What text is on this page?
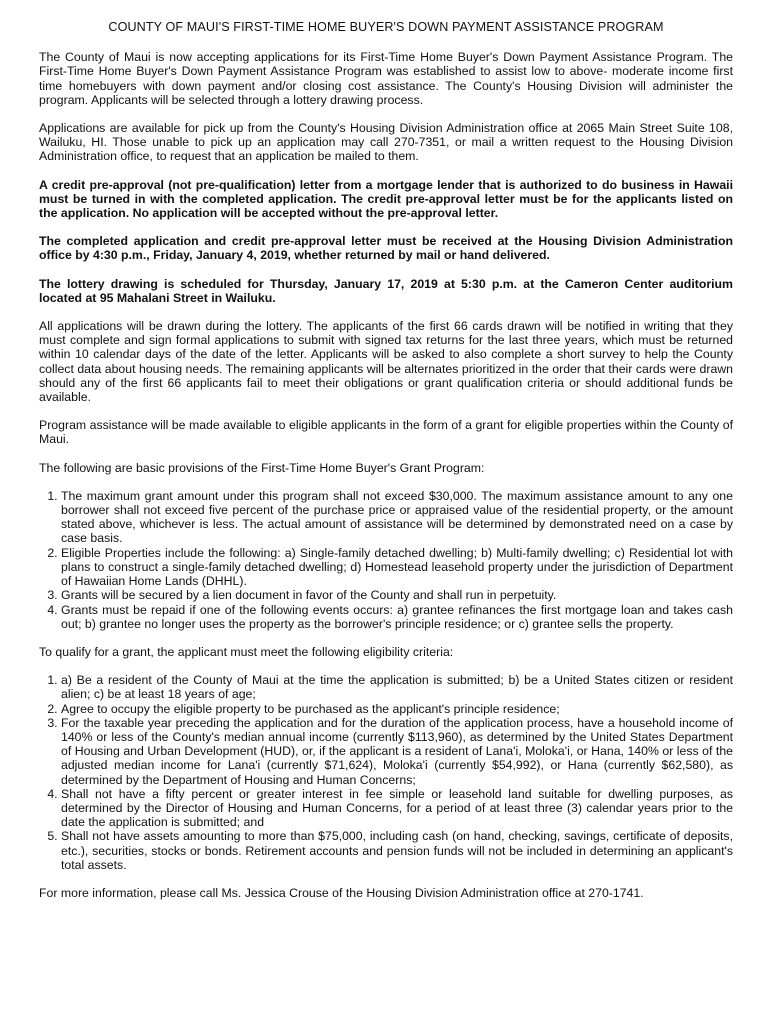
COUNTY OF MAUI'S FIRST-TIME HOME BUYER'S DOWN PAYMENT ASSISTANCE PROGRAM

The County of Maui is now accepting applications for its First-Time Home Buyer's Down Payment Assistance Program. The First-Time Home Buyer's Down Payment Assistance Program was established to assist low to above- moderate income first time homebuyers with down payment and/or closing cost assistance. The County's Housing Division will administer the program. Applicants will be selected through a lottery drawing process.

Applications are available for pick up from the County's Housing Division Administration office at 2065 Main Street Suite 108, Wailuku, HI. Those unable to pick up an application may call 270-7351, or mail a written request to the Housing Division Administration office, to request that an application be mailed to them.

A credit pre-approval (not pre-qualification) letter from a mortgage lender that is authorized to do business in Hawaii must be turned in with the completed application. The credit pre-approval letter must be for the applicants listed on the application. No application will be accepted without the pre-approval letter.

The completed application and credit pre-approval letter must be received at the Housing Division Administration office by 4:30 p.m., Friday, January 4, 2019, whether returned by mail or hand delivered.

The lottery drawing is scheduled for Thursday, January 17, 2019 at 5:30 p.m. at the Cameron Center auditorium located at 95 Mahalani Street in Wailuku.

All applications will be drawn during the lottery. The applicants of the first 66 cards drawn will be notified in writing that they must complete and sign formal applications to submit with signed tax returns for the last three years, which must be returned within 10 calendar days of the date of the letter. Applicants will be asked to also complete a short survey to help the County collect data about housing needs. The remaining applicants will be alternates prioritized in the order that their cards were drawn should any of the first 66 applicants fail to meet their obligations or grant qualification criteria or should additional funds be available.

Program assistance will be made available to eligible applicants in the form of a grant for eligible properties within the County of Maui.

The following are basic provisions of the First-Time Home Buyer's Grant Program:

1. The maximum grant amount under this program shall not exceed $30,000. The maximum assistance amount to any one borrower shall not exceed five percent of the purchase price or appraised value of the residential property, or the amount stated above, whichever is less. The actual amount of assistance will be determined by demonstrated need on a case by case basis.
2. Eligible Properties include the following: a) Single-family detached dwelling; b) Multi-family dwelling; c) Residential lot with plans to construct a single-family detached dwelling; d) Homestead leasehold property under the jurisdiction of Department of Hawaiian Home Lands (DHHL).
3. Grants will be secured by a lien document in favor of the County and shall run in perpetuity.
4. Grants must be repaid if one of the following events occurs: a) grantee refinances the first mortgage loan and takes cash out; b) grantee no longer uses the property as the borrower's principle residence; or c) grantee sells the property.

To qualify for a grant, the applicant must meet the following eligibility criteria:

1. a) Be a resident of the County of Maui at the time the application is submitted; b) be a United States citizen or resident alien; c) be at least 18 years of age;
2. Agree to occupy the eligible property to be purchased as the applicant's principle residence;
3. For the taxable year preceding the application and for the duration of the application process, have a household income of 140% or less of the County's median annual income (currently $113,960), as determined by the United States Department of Housing and Urban Development (HUD), or, if the applicant is a resident of Lana'i, Moloka'i, or Hana, 140% or less of the adjusted median income for Lana'i (currently $71,624), Moloka'i (currently $54,992), or Hana (currently $62,580), as determined by the Department of Housing and Human Concerns;
4. Shall not have a fifty percent or greater interest in fee simple or leasehold land suitable for dwelling purposes, as determined by the Director of Housing and Human Concerns, for a period of at least three (3) calendar years prior to the date the application is submitted; and
5. Shall not have assets amounting to more than $75,000, including cash (on hand, checking, savings, certificate of deposits, etc.), securities, stocks or bonds. Retirement accounts and pension funds will not be included in determining an applicant's total assets.

For more information, please call Ms. Jessica Crouse of the Housing Division Administration office at 270-1741.
